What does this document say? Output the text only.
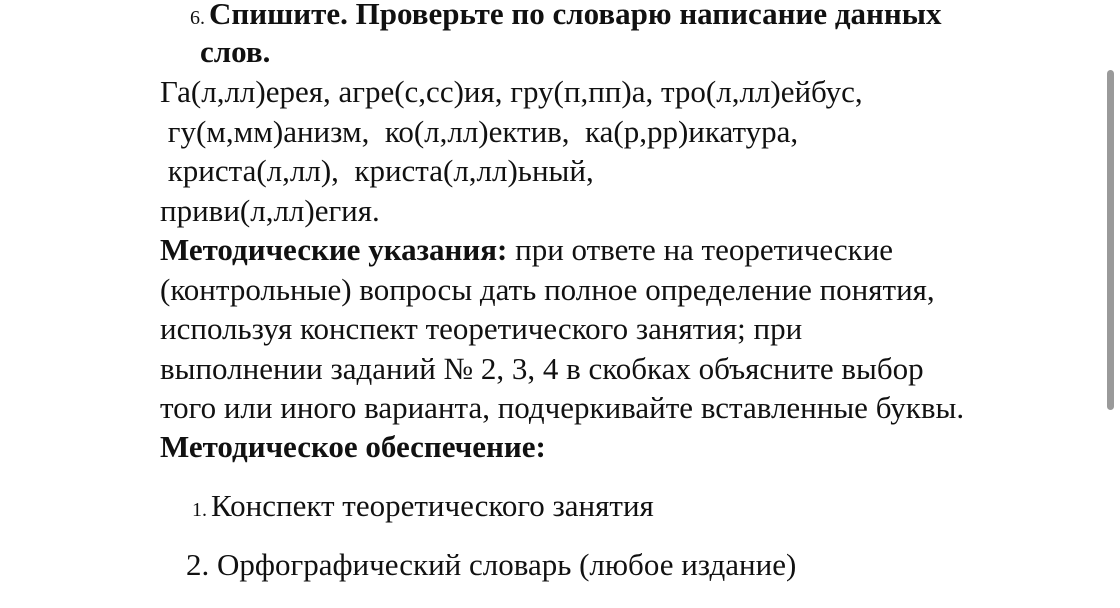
6. Спишите. Проверьте по словарю написание данных
слов.
Га(л,лл)ерея, агре(с,сс)ия, гру(п,пп)а, тро(л,лл)ейбус,
гу(м,мм)анизм,  ко(л,лл)ектив,  ка(р,рр)икатура,
криста(л,лл),  криста(л,лл)ьный,
приви(л,лл)егия.
Методические указания: при ответе на теоретические
(контрольные) вопросы дать полное определение понятия,
используя конспект теоретического занятия; при
выполнении заданий № 2, 3, 4 в скобках объясните выбор
того или иного варианта, подчеркивайте вставленные буквы.
Методическое обеспечение:
1. Конспект теоретического занятия
2. Орфографический словарь (любое издание)
